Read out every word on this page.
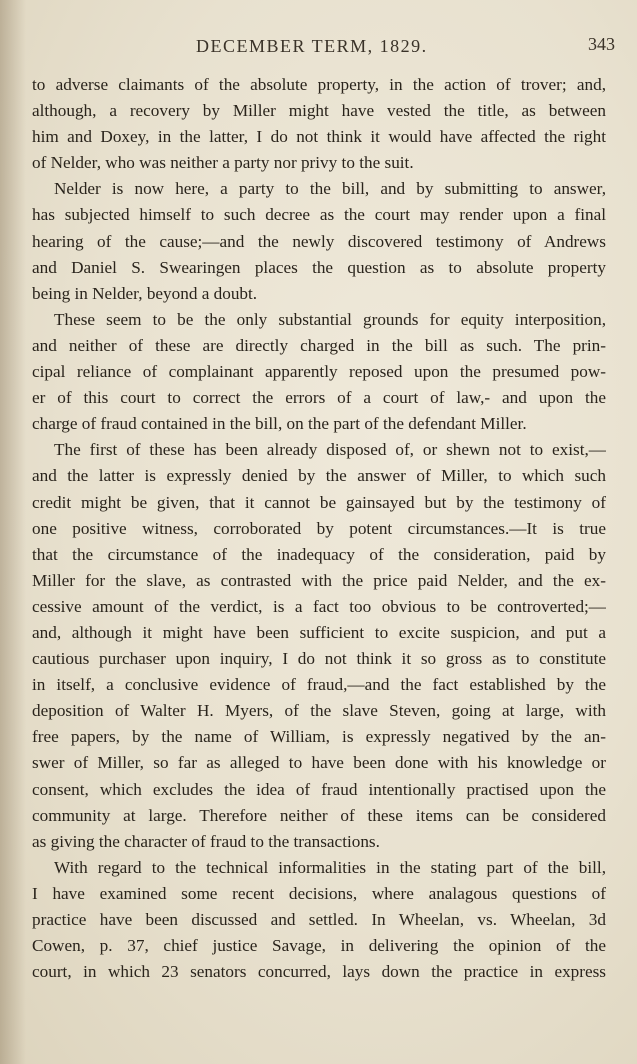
DECEMBER TERM, 1829.	343
to adverse claimants of the absolute property, in the action of trover; and,
although, a recovery by Miller might have vested the title, as between
him and Doxey, in the latter, I do not think it would have affected the right
of Nelder, who was neither a party nor privy to the suit.
Nelder is now here, a party to the bill, and by submitting to answer,
has subjected himself to such decree as the court may render upon a final
hearing of the cause;—and the newly discovered testimony of Andrews
and Daniel S. Swearingen places the question as to absolute property
being in Nelder, beyond a doubt.
These seem to be the only substantial grounds for equity interposition,
and neither of these are directly charged in the bill as such. The prin-
cipal reliance of complainant apparently reposed upon the presumed pow-
er of this court to correct the errors of a court of law,- and upon the
charge of fraud contained in the bill, on the part of the defendant Miller.
The first of these has been already disposed of, or shewn not to exist,—
and the latter is expressly denied by the answer of Miller, to which such
credit might be given, that it cannot be gainsayed but by the testimony of
one positive witness, corroborated by potent circumstances.—It is true
that the circumstance of the inadequacy of the consideration, paid by
Miller for the slave, as contrasted with the price paid Nelder, and the ex-
cessive amount of the verdict, is a fact too obvious to be controverted;—
and, although it might have been sufficient to excite suspicion, and put a
cautious purchaser upon inquiry, I do not think it so gross as to constitute
in itself, a conclusive evidence of fraud,—and the fact established by the
deposition of Walter H. Myers, of the slave Steven, going at large, with
free papers, by the name of William, is expressly negatived by the an-
swer of Miller, so far as alleged to have been done with his knowledge or
consent, which excludes the idea of fraud intentionally practised upon the
community at large. Therefore neither of these items can be considered
as giving the character of fraud to the transactions.
With regard to the technical informalities in the stating part of the bill,
I have examined some recent decisions, where analagous questions of
practice have been discussed and settled. In Wheelan, vs. Wheelan, 3d
Cowen, p. 37, chief justice Savage, in delivering the opinion of the
court, in which 23 senators concurred, lays down the practice in express
